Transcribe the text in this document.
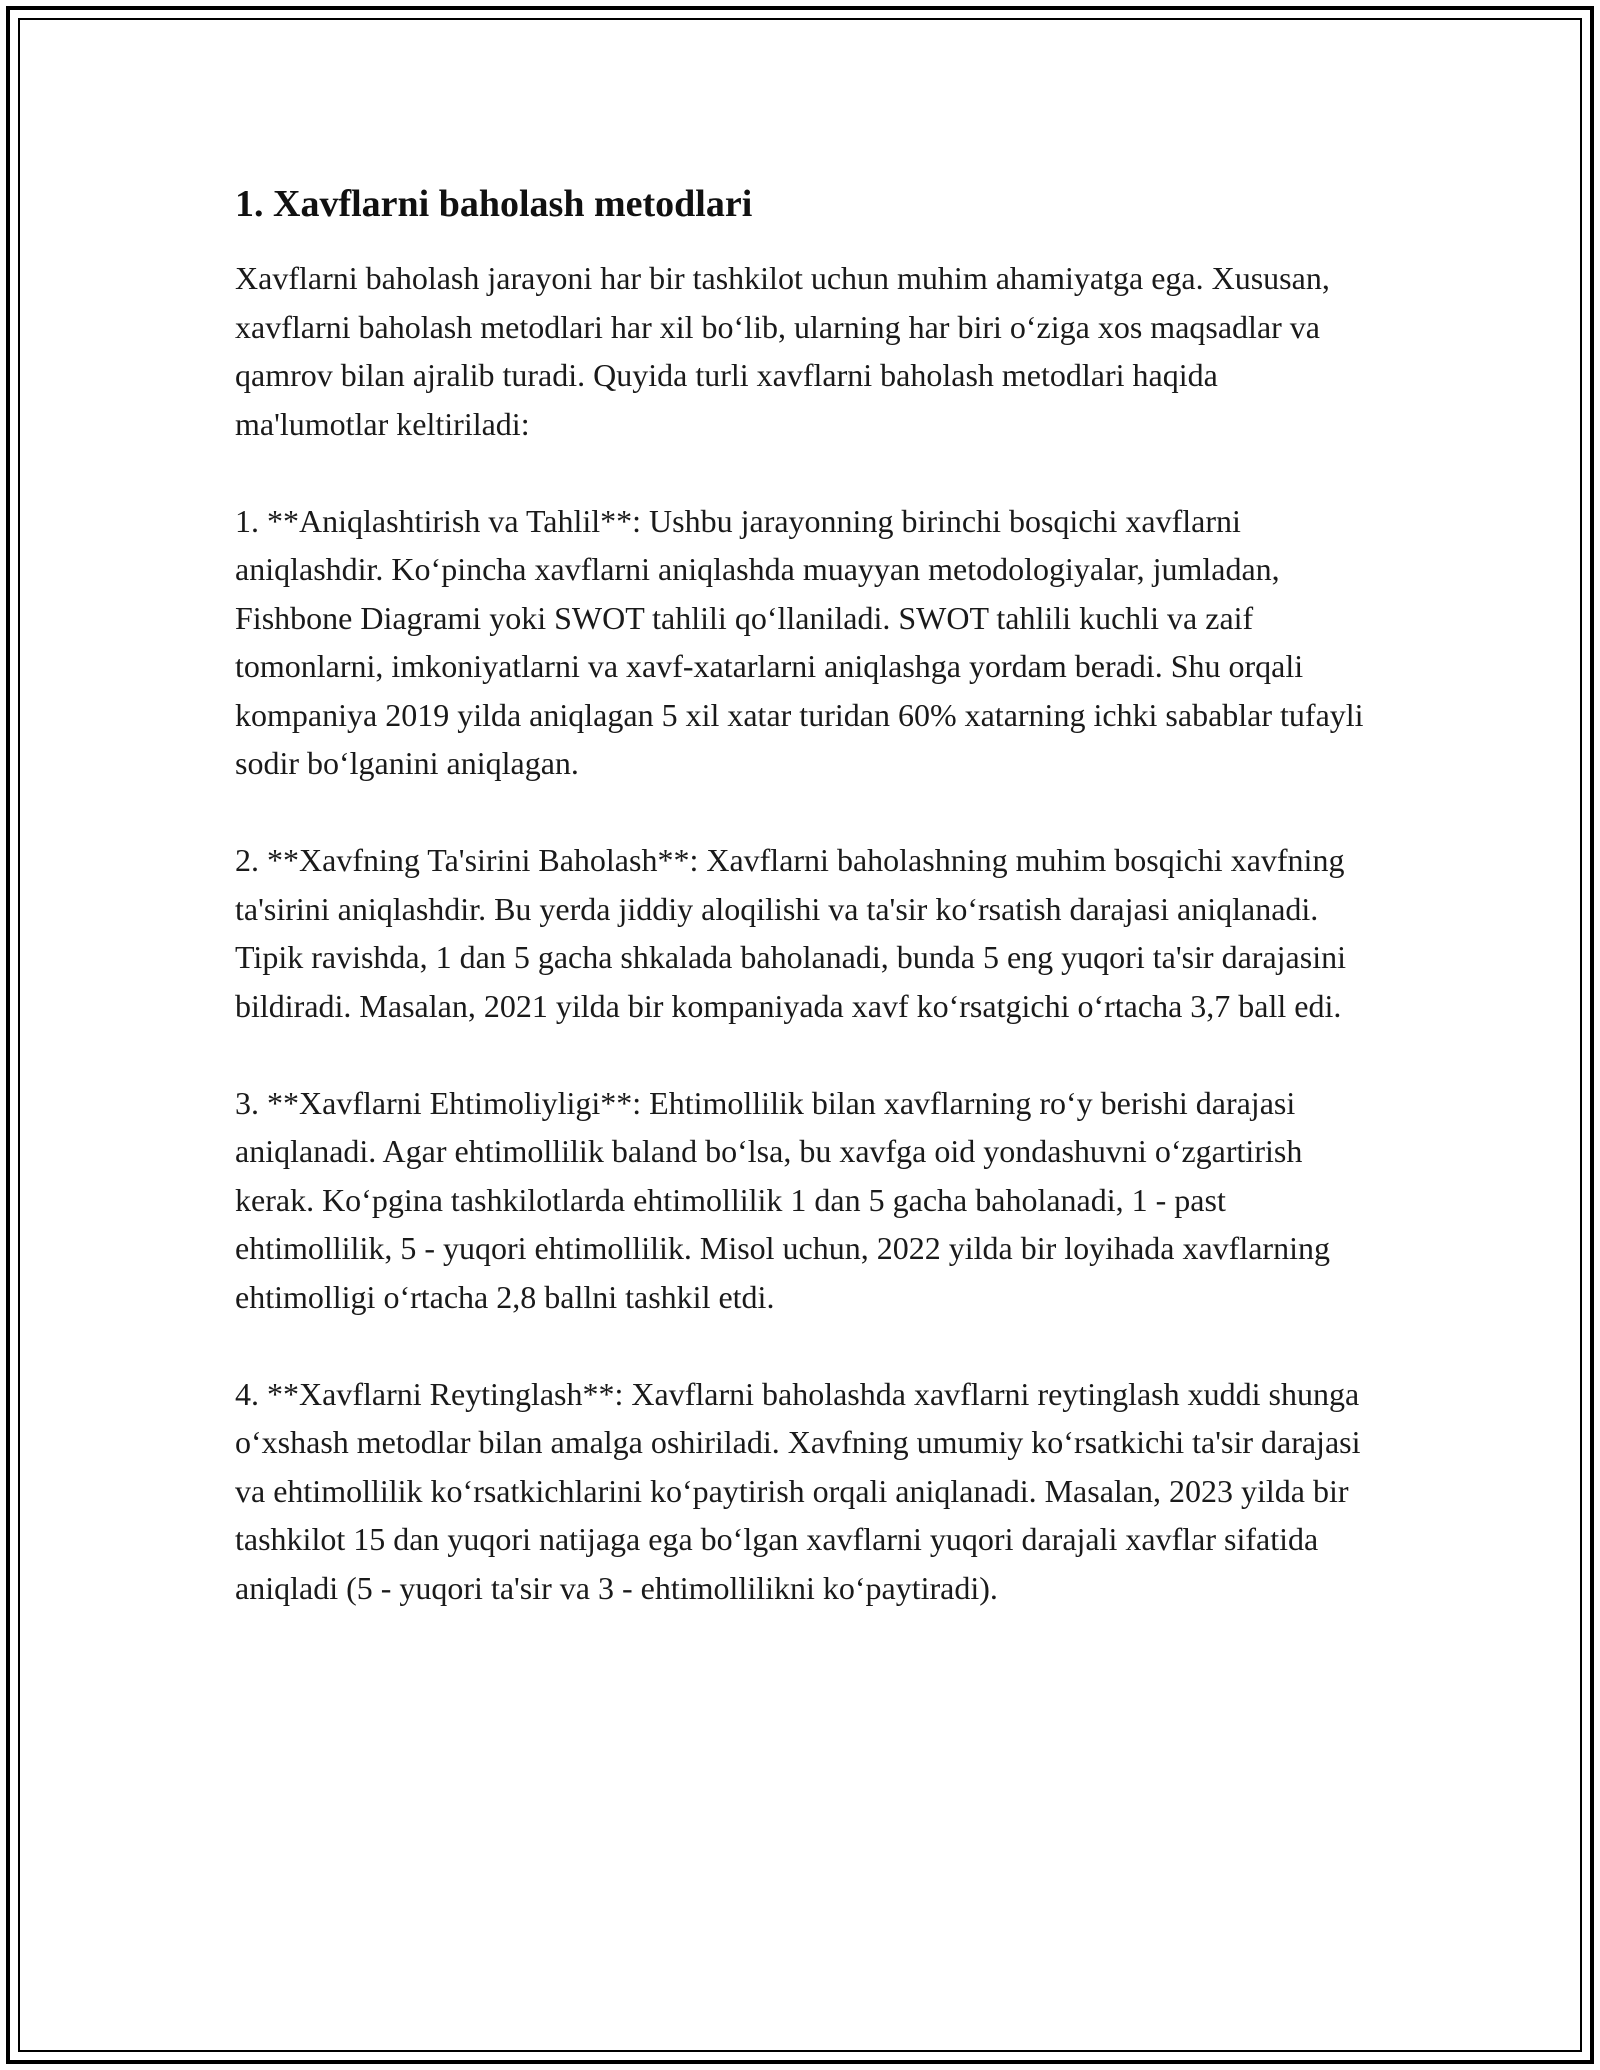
1. Xavflarni baholash metodlari

Xavflarni baholash jarayoni har bir tashkilot uchun muhim ahamiyatga ega. Xususan, xavflarni baholash metodlari har xil bo‘lib, ularning har biri o‘ziga xos maqsadlar va qamrov bilan ajralib turadi. Quyida turli xavflarni baholash metodlari haqida ma'lumotlar keltiriladi:

1. **Aniqlashtirish va Tahlil**: Ushbu jarayonning birinchi bosqichi xavflarni aniqlashdir. Ko‘pincha xavflarni aniqlashda muayyan metodologiyalar, jumladan, Fishbone Diagrami yoki SWOT tahlili qo‘llaniladi. SWOT tahlili kuchli va zaif tomonlarni, imkoniyatlarni va xavf-xatarlarni aniqlashga yordam beradi. Shu orqali kompaniya 2019 yilda aniqlagan 5 xil xatar turidan 60% xatarning ichki sabablar tufayli sodir bo‘lganini aniqlagan.

2. **Xavfning Ta'sirini Baholash**: Xavflarni baholashning muhim bosqichi xavfning ta'sirini aniqlashdir. Bu yerda jiddiy aloqilishi va ta'sir ko‘rsatish darajasi aniqlanadi. Tipik ravishda, 1 dan 5 gacha shkalada baholanadi, bunda 5 eng yuqori ta'sir darajasini bildiradi. Masalan, 2021 yilda bir kompaniyada xavf ko‘rsatgichi o‘rtacha 3,7 ball edi.

3. **Xavflarni Ehtimoliyligi**: Ehtimollilik bilan xavflarning ro‘y berishi darajasi aniqlanadi. Agar ehtimollilik baland bo‘lsa, bu xavfga oid yondashuvni o‘zgartirish kerak. Ko‘pgina tashkilotlarda ehtimollilik 1 dan 5 gacha baholanadi, 1 - past ehtimollilik, 5 - yuqori ehtimollilik. Misol uchun, 2022 yilda bir loyihada xavflarning ehtimolligi o‘rtacha 2,8 ballni tashkil etdi.

4. **Xavflarni Reytinglash**: Xavflarni baholashda xavflarni reytinglash xuddi shunga o‘xshash metodlar bilan amalga oshiriladi. Xavfning umumiy ko‘rsatkichi ta'sir darajasi va ehtimollilik ko‘rsatkichlarini ko‘paytirish orqali aniqlanadi. Masalan, 2023 yilda bir tashkilot 15 dan yuqori natijaga ega bo‘lgan xavflarni yuqori darajali xavflar sifatida aniqladi (5 - yuqori ta'sir va 3 - ehtimollilikni ko‘paytiradi).
